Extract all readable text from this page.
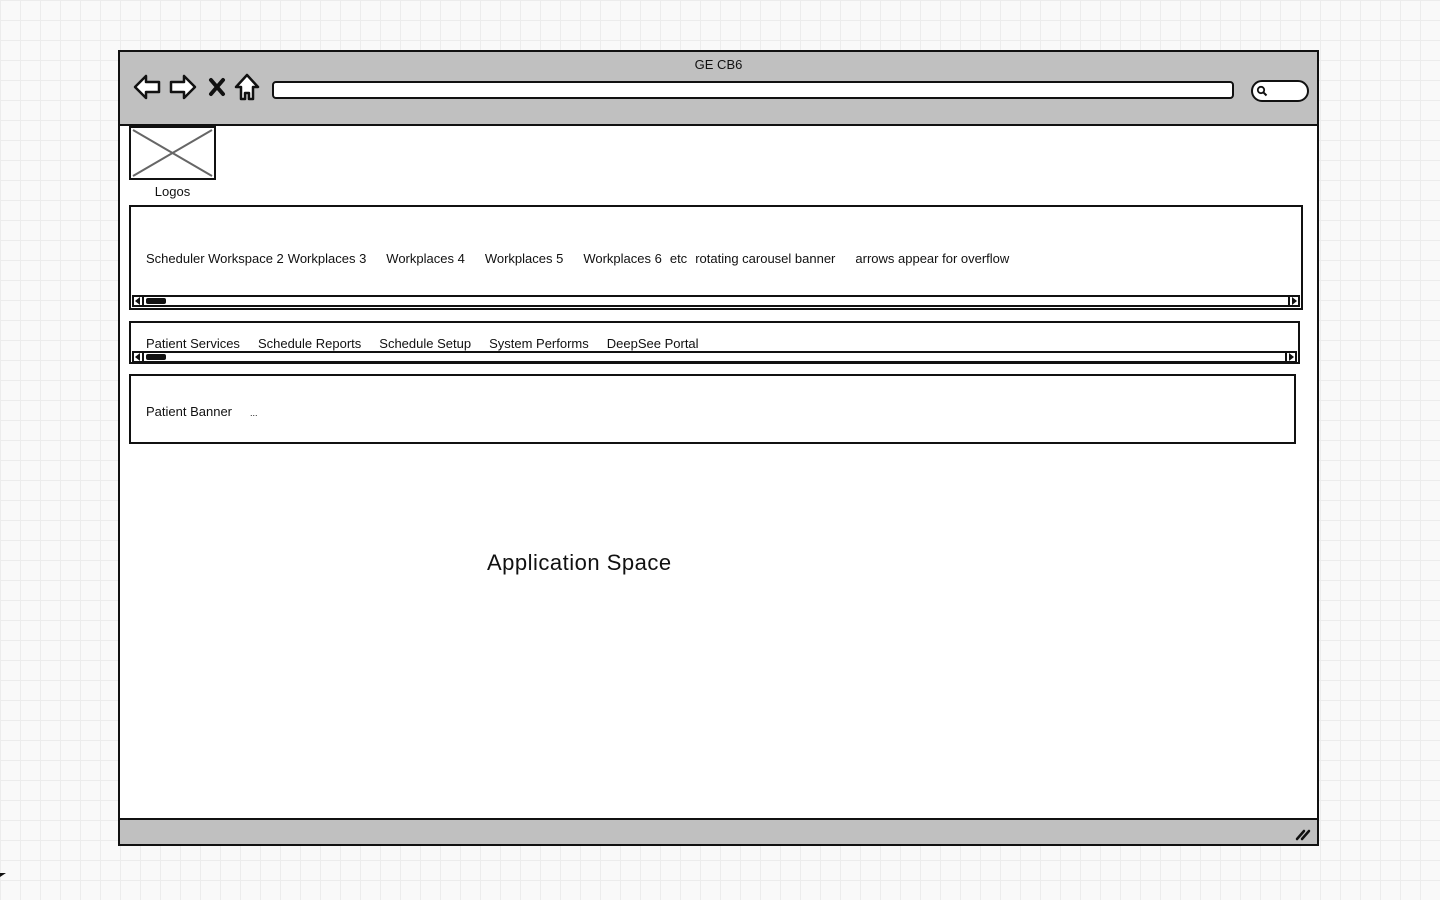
GE CB6
Logos
Scheduler Workspace 2 Workplaces 3 Workplaces 4 Workplaces 5 Workplaces 6 etc rotating carousel banner arrows appear for overflow
Patient Services Schedule Reports Schedule Setup System Performs DeepSee Portal
Patient Banner ...
Application Space
